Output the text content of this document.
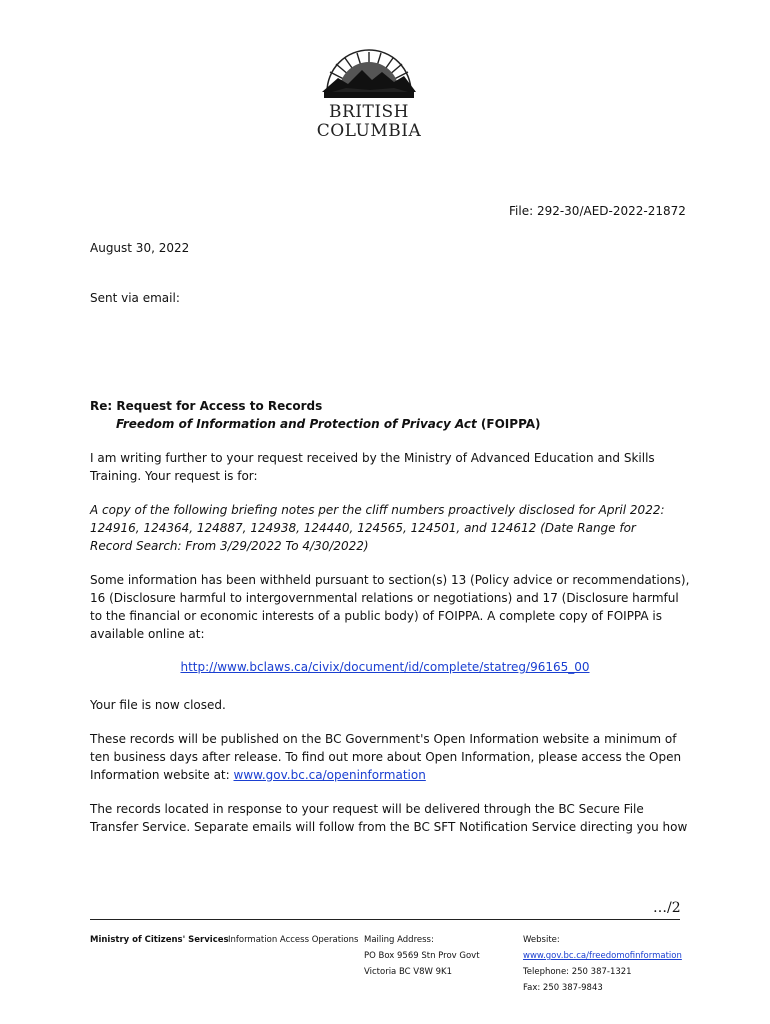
BRITISH
COLUMBIA
File: 292-30/AED-2022-21872
August 30, 2022
Sent via email:
Re: Request for Access to Records
Freedom of Information and Protection of Privacy Act (FOIPPA)
I am writing further to your request received by the Ministry of Advanced Education and Skills Training. Your request is for:
A copy of the following briefing notes per the cliff numbers proactively disclosed for April 2022: 124916, 124364, 124887, 124938, 124440, 124565, 124501, and 124612 (Date Range for Record Search: From 3/29/2022 To 4/30/2022)
Some information has been withheld pursuant to section(s) 13 (Policy advice or recommendations), 16 (Disclosure harmful to intergovernmental relations or negotiations) and 17 (Disclosure harmful to the financial or economic interests of a public body) of FOIPPA. A complete copy of FOIPPA is available online at:
http://www.bclaws.ca/civix/document/id/complete/statreg/96165_00
Your file is now closed.
These records will be published on the BC Government's Open Information website a minimum of ten business days after release. To find out more about Open Information, please access the Open Information website at: www.gov.bc.ca/openinformation
The records located in response to your request will be delivered through the BC Secure File Transfer Service. Separate emails will follow from the BC SFT Notification Service directing you how
…/2
Ministry of Citizens' Services Information Access Operations Mailing Address:
PO Box 9569 Stn Prov Govt
Victoria BC V8W 9K1
Website:
www.gov.bc.ca/freedomofinformation
Telephone: 250 387-1321
Fax: 250 387-9843
